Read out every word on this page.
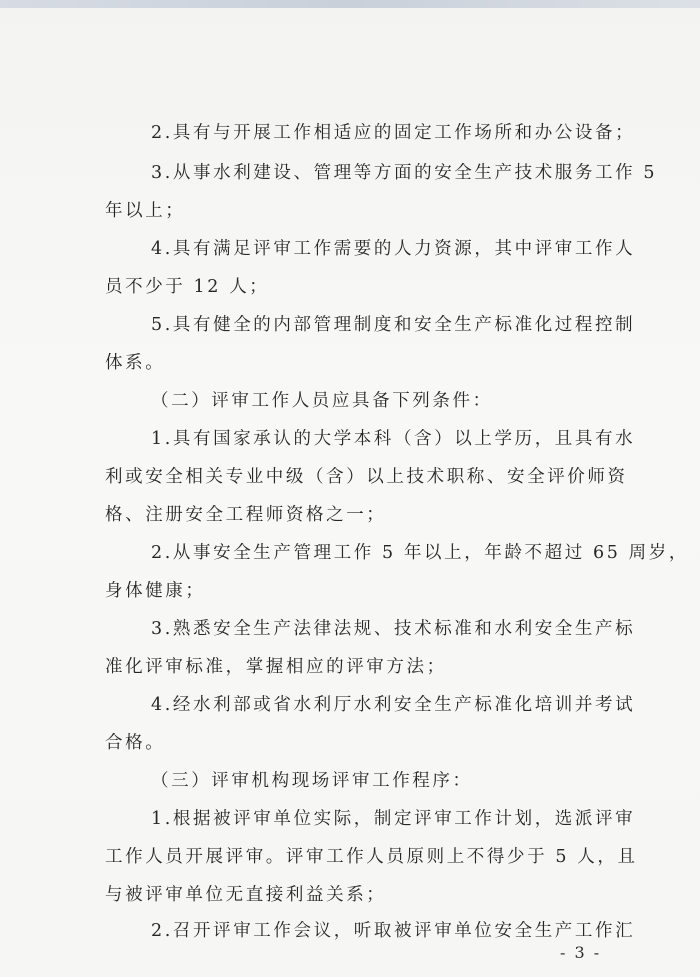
2.具有与开展工作相适应的固定工作场所和办公设备；
3.从事水利建设、管理等方面的安全生产技术服务工作 5
年以上；
4.具有满足评审工作需要的人力资源，其中评审工作人
员不少于 12 人；
5.具有健全的内部管理制度和安全生产标准化过程控制
体系。
（二）评审工作人员应具备下列条件：
1.具有国家承认的大学本科（含）以上学历，且具有水
利或安全相关专业中级（含）以上技术职称、安全评价师资
格、注册安全工程师资格之一；
2.从事安全生产管理工作 5 年以上，年龄不超过 65 周岁，
身体健康；
3.熟悉安全生产法律法规、技术标准和水利安全生产标
准化评审标准，掌握相应的评审方法；
4.经水利部或省水利厅水利安全生产标准化培训并考试
合格。
（三）评审机构现场评审工作程序：
1.根据被评审单位实际，制定评审工作计划，选派评审
工作人员开展评审。评审工作人员原则上不得少于 5 人，且
与被评审单位无直接利益关系；
2.召开评审工作会议，听取被评审单位安全生产工作汇
- 3 -
